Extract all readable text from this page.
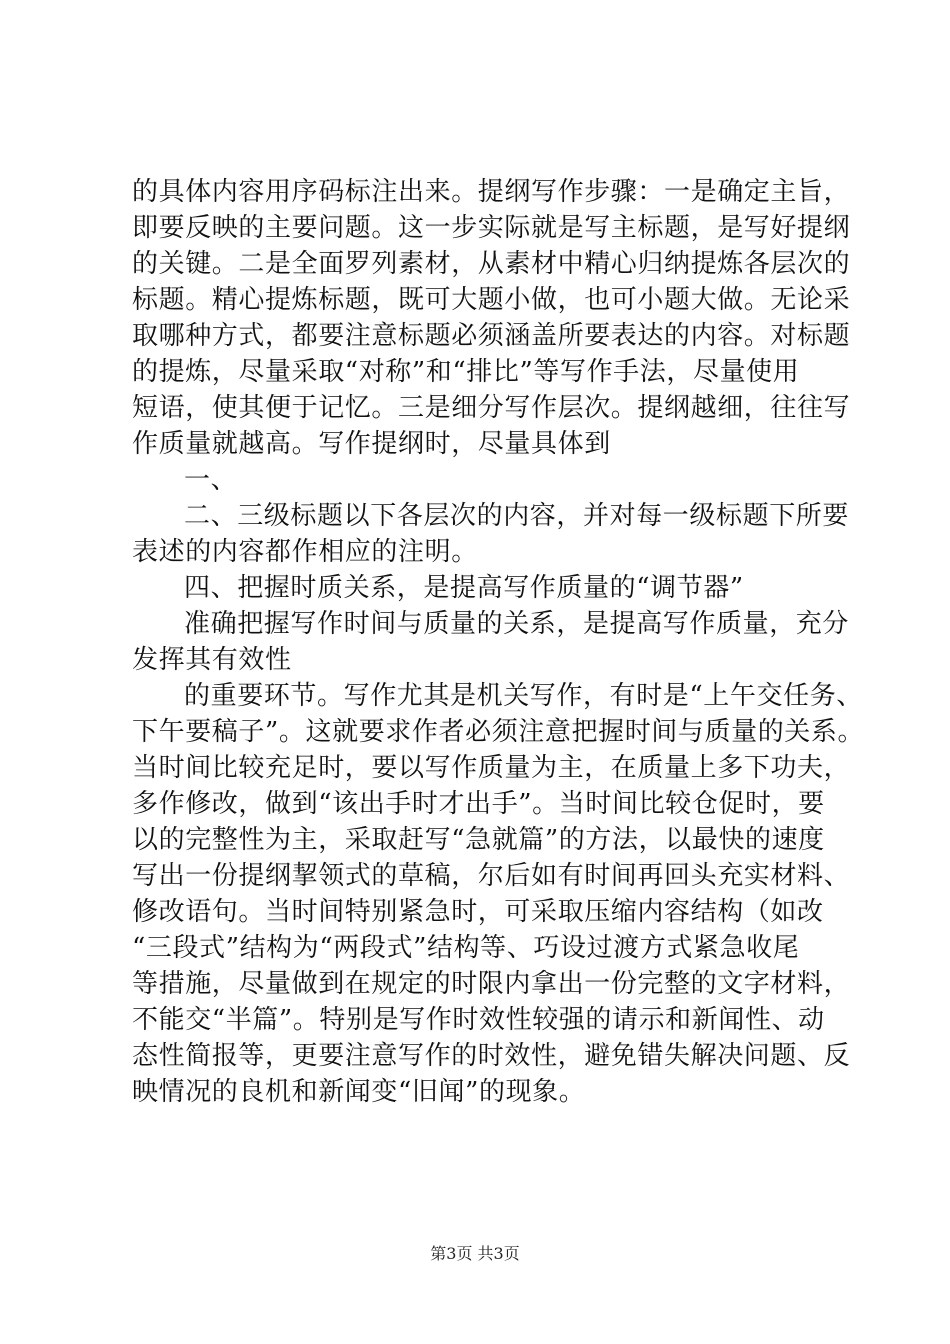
的具体内容用序码标注出来。提纲写作步骤：一是确定主旨，
即要反映的主要问题。这一步实际就是写主标题，是写好提纲
的关键。二是全面罗列素材，从素材中精心归纳提炼各层次的
标题。精心提炼标题，既可大题小做，也可小题大做。无论采
取哪种方式，都要注意标题必须涵盖所要表达的内容。对标题
的提炼，尽量采取“对称”和“排比”等写作手法，尽量使用
短语，使其便于记忆。三是细分写作层次。提纲越细，往往写
作质量就越高。写作提纲时，尽量具体到
一、
二、三级标题以下各层次的内容，并对每一级标题下所要
表述的内容都作相应的注明。
四、把握时质关系，是提高写作质量的“调节器”
准确把握写作时间与质量的关系，是提高写作质量，充分
发挥其有效性
的重要环节。写作尤其是机关写作，有时是“上午交任务、
下午要稿子”。这就要求作者必须注意把握时间与质量的关系。
当时间比较充足时，要以写作质量为主，在质量上多下功夫，
多作修改，做到“该出手时才出手”。当时间比较仓促时，要
以的完整性为主，采取赶写“急就篇”的方法，以最快的速度
写出一份提纲挈领式的草稿，尔后如有时间再回头充实材料、
修改语句。当时间特别紧急时，可采取压缩内容结构（如改
“三段式”结构为“两段式”结构等、巧设过渡方式紧急收尾
等措施，尽量做到在规定的时限内拿出一份完整的文字材料，
不能交“半篇”。特别是写作时效性较强的请示和新闻性、动
态性简报等，更要注意写作的时效性，避免错失解决问题、反
映情况的良机和新闻变“旧闻”的现象。
第3页 共3页
